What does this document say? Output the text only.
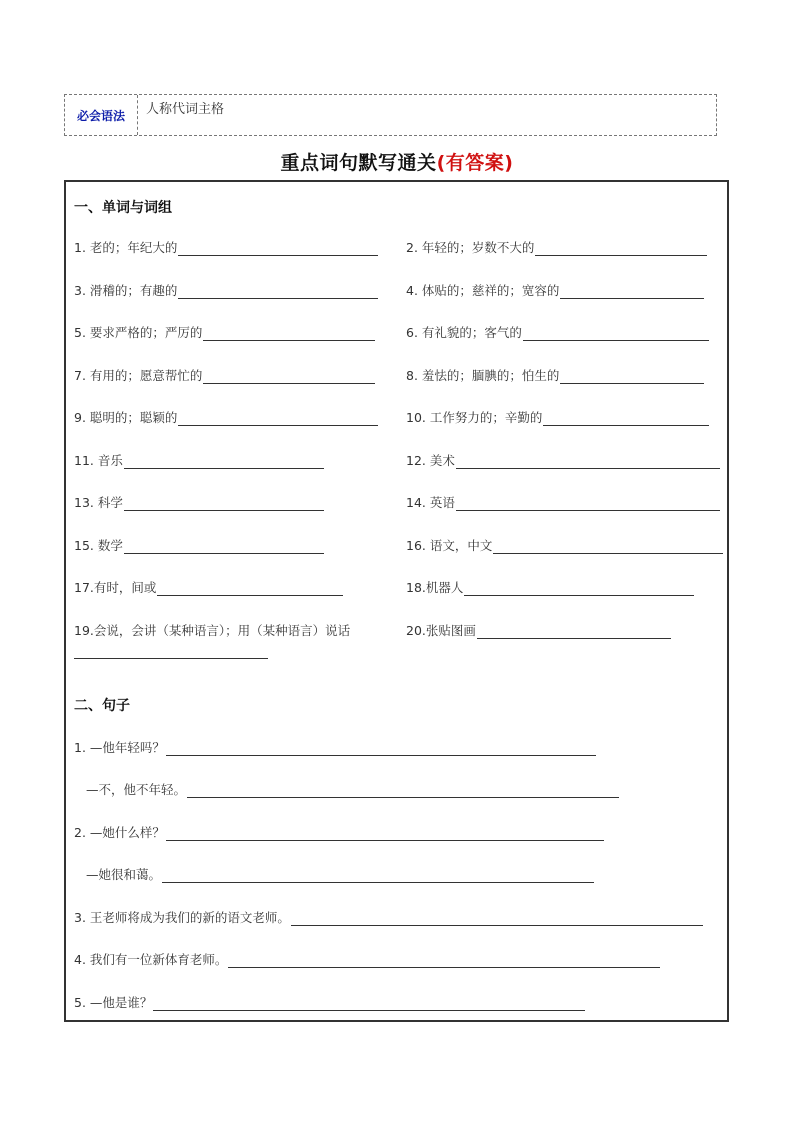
必会语法	人称代词主格
重点词句默写通关(有答案)
一、单词与词组
1. 老的；年纪大的	2. 年轻的；岁数不大的
3. 滑稽的；有趣的	4. 体贴的；慈祥的；宽容的
5. 要求严格的；严厉的	6. 有礼貌的；客气的
7. 有用的；愿意帮忙的	8. 羞怯的；腼腆的；怕生的
9. 聪明的；聪颖的	10. 工作努力的；辛勤的
11. 音乐	12. 美术
13. 科学	14. 英语
15. 数学	16. 语文，中文
17.有时，间或	18.机器人
19.会说，会讲（某种语言）；用（某种语言）说话	20.张贴图画
二、句子
1. —他年轻吗？
—不，他不年轻。
2. —她什么样？
—她很和蔼。
3. 王老师将成为我们的新的语文老师。
4. 我们有一位新体育老师。
5. —他是谁？
